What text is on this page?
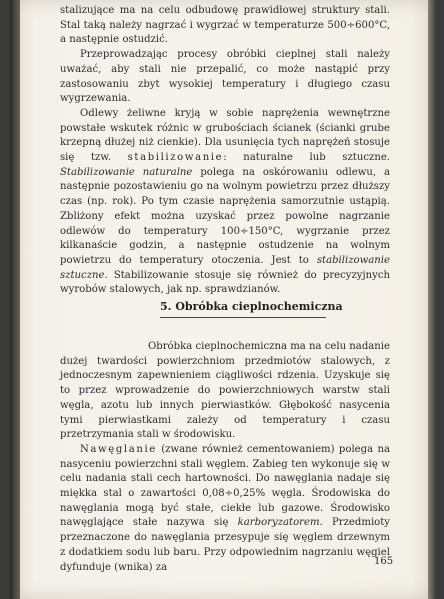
stalizujące ma na celu odbudowę prawidłowej struktury stali. Stal taką należy nagrzać i wygrzać w temperaturze 500÷600°C, a następnie ostudzić.

Przeprowadzając procesy obróbki cieplnej stali należy uważać, aby stali nie przepalić, co może nastąpić przy zastosowaniu zbyt wysokiej temperatury i długiego czasu wygrzewania.

Odlewy żeliwne kryją w sobie naprężenia wewnętrzne powstałe wskutek różnic w grubościach ścianek (ścianki grube krzepną dłużej niż cienkie). Dla usunięcia tych naprężeń stosuje się tzw. stabilizowanie: naturalne lub sztuczne. Stabilizowanie naturalne polega na oskórowaniu odlewu, a następnie pozostawieniu go na wolnym powietrzu przez dłuższy czas (np. rok). Po tym czasie naprężenia samorzutnie ustąpią. Zbliżony efekt można uzyskać przez powolne nagrzanie odlewów do temperatury 100÷150°C, wygrzanie przez kilkanaście godzin, a następnie ostudzenie na wolnym powietrzu do temperatury otoczenia. Jest to stabilizowanie sztuczne. Stabilizowanie stosuje się również do precyzyjnych wyrobów stalowych, jak np. sprawdzianów.

5. Obróbka cieplnochemiczna

Obróbka cieplnochemiczna ma na celu nadanie dużej twardości powierzchniom przedmiotów stalowych, z jednoczesnym zapewnieniem ciągliwości rdzenia. Uzyskuje się to przez wprowadzenie do powierzchniowych warstw stali węgla, azotu lub innych pierwiastków. Głębokość nasycenia tymi pierwiastkami zależy od temperatury i czasu przetrzymania stali w środowisku.

Nawęglanie (zwane również cementowaniem) polega na nasyceniu powierzchni stali węglem. Zabieg ten wykonuje się w celu nadania stali cech hartowności. Do nawęglania nadaje się miękka stal o zawartości 0,08÷0,25% węgla. Środowiska do nawęglania mogą być stałe, ciekłe lub gazowe. Środowisko nawęglające stałe nazywa się karboryzatorem. Przedmioty przeznaczone do nawęglania przesypuje się węglem drzewnym z dodatkiem sodu lub baru. Przy odpowiednim nagrzaniu węgiel dyfunduje (wnika) za

165
